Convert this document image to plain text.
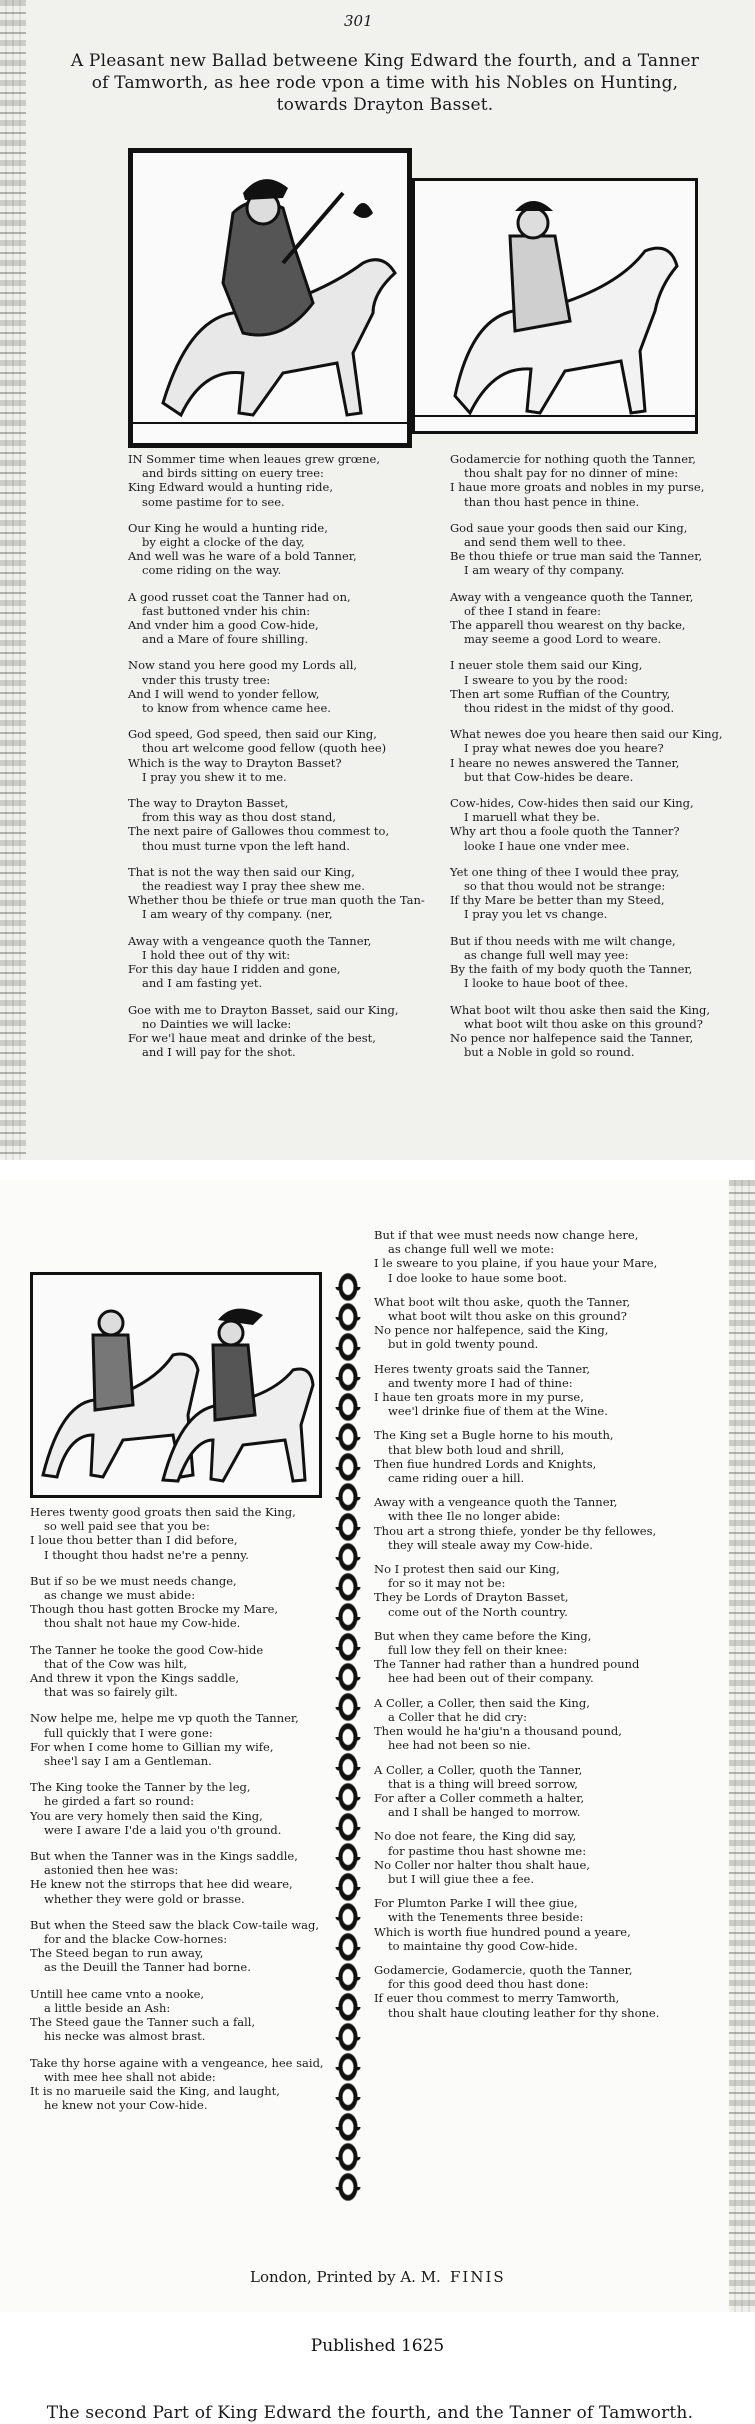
301
A Pleasant new Ballad betweene King Edward the fourth, and a Tanner of Tamworth, as hee rode vpon a time with his Nobles on Hunting, towards Drayton Basset.
IN Sommer time when leaues grew grœne,
and birds sitting on euery tree:
King Edward would a hunting ride,
some pastime for to see.
Our King he would a hunting ride,
by eight a clocke of the day,
And well was he ware of a bold Tanner,
come riding on the way.
A good russet coat the Tanner had on,
fast buttoned vnder his chin:
And vnder him a good Cow-hide,
and a Mare of foure shilling.
Now stand you here good my Lords all,
vnder this trusty tree:
And I will wend to yonder fellow,
to know from whence came hee.
God speed, God speed, then said our King,
thou art welcome good fellow (quoth hee)
Which is the way to Drayton Basset?
I pray you shew it to me.
The way to Drayton Basset,
from this way as thou dost stand,
The next paire of Gallowes thou commest to,
thou must turne vpon the left hand.
That is not the way then said our King,
the readiest way I pray thee shew me.
Whether thou be thiefe or true man quoth the Tan-
I am weary of thy company. (ner,
Away with a vengeance quoth the Tanner,
I hold thee out of thy wit:
For this day haue I ridden and gone,
and I am fasting yet.
Goe with me to Drayton Basset, said our King,
no Dainties we will lacke:
For we'l haue meat and drinke of the best,
and I will pay for the shot.
Godamercie for nothing quoth the Tanner,
thou shalt pay for no dinner of mine:
I haue more groats and nobles in my purse,
than thou hast pence in thine.
God saue your goods then said our King,
and send them well to thee.
Be thou thiefe or true man said the Tanner,
I am weary of thy company.
Away with a vengeance quoth the Tanner,
of thee I stand in feare:
The apparell thou wearest on thy backe,
may seeme a good Lord to weare.
I neuer stole them said our King,
I sweare to you by the rood:
Then art some Ruffian of the Country,
thou ridest in the midst of thy good.
What newes doe you heare then said our King,
I pray what newes doe you heare?
I heare no newes answered the Tanner,
but that Cow-hides be deare.
Cow-hides, Cow-hides then said our King,
I maruell what they be.
Why art thou a foole quoth the Tanner?
looke I haue one vnder mee.
Yet one thing of thee I would thee pray,
so that thou would not be strange:
If thy Mare be better than my Steed,
I pray you let vs change.
But if thou needs with me wilt change,
as change full well may yee:
By the faith of my body quoth the Tanner,
I looke to haue boot of thee.
What boot wilt thou aske then said the King,
what boot wilt thou aske on this ground?
No pence nor halfepence said the Tanner,
but a Noble in gold so round.
The second Part of King Edward the fourth, and the Tanner of Tamworth.
Heres twenty good groats then said the King,
so well paid see that you be:
I loue thou better than I did before,
I thought thou hadst ne're a penny.
But if so be we must needs change,
as change we must abide:
Though thou hast gotten Brocke my Mare,
thou shalt not haue my Cow-hide.
The Tanner he tooke the good Cow-hide
that of the Cow was hilt,
And threw it vpon the Kings saddle,
that was so fairely gilt.
Now helpe me, helpe me vp quoth the Tanner,
full quickly that I were gone:
For when I come home to Gillian my wife,
shee'l say I am a Gentleman.
The King tooke the Tanner by the leg,
he girded a fart so round:
You are very homely then said the King,
were I aware I'de a laid you o'th ground.
But when the Tanner was in the Kings saddle,
astonied then hee was:
He knew not the stirrops that hee did weare,
whether they were gold or brasse.
But when the Steed saw the black Cow-taile wag,
for and the blacke Cow-hornes:
The Steed began to run away,
as the Deuill the Tanner had borne.
Untill hee came vnto a nooke,
a little beside an Ash:
The Steed gaue the Tanner such a fall,
his necke was almost brast.
Take thy horse againe with a vengeance, hee said,
with mee hee shall not abide:
It is no marueile said the King, and laught,
he knew not your Cow-hide.
But if that wee must needs now change here,
as change full well we mote:
I le sweare to you plaine, if you haue your Mare,
I doe looke to haue some boot.
What boot wilt thou aske, quoth the Tanner,
what boot wilt thou aske on this ground?
No pence nor halfepence, said the King,
but in gold twenty pound.
Heres twenty groats said the Tanner,
and twenty more I had of thine:
I haue ten groats more in my purse,
wee'l drinke fiue of them at the Wine.
The King set a Bugle horne to his mouth,
that blew both loud and shrill,
Then fiue hundred Lords and Knights,
came riding ouer a hill.
Away with a vengeance quoth the Tanner,
with thee Ile no longer abide:
Thou art a strong thiefe, yonder be thy fellowes,
they will steale away my Cow-hide.
No I protest then said our King,
for so it may not be:
They be Lords of Drayton Basset,
come out of the North country.
But when they came before the King,
full low they fell on their knee:
The Tanner had rather than a hundred pound
hee had been out of their company.
A Coller, a Coller, then said the King,
a Coller that he did cry:
Then would he ha'giu'n a thousand pound,
hee had not been so nie.
A Coller, a Coller, quoth the Tanner,
that is a thing will breed sorrow,
For after a Coller commeth a halter,
and I shall be hanged to morrow.
No doe not feare, the King did say,
for pastime thou hast showne me:
No Coller nor halter thou shalt haue,
but I will giue thee a fee.
For Plumton Parke I will thee giue,
with the Tenements three beside:
Which is worth fiue hundred pound a yeare,
to maintaine thy good Cow-hide.
Godamercie, Godamercie, quoth the Tanner,
for this good deed thou hast done:
If euer thou commest to merry Tamworth,
thou shalt haue clouting leather for thy shone.
London, Printed by A. M. FINIS
Published 1625
